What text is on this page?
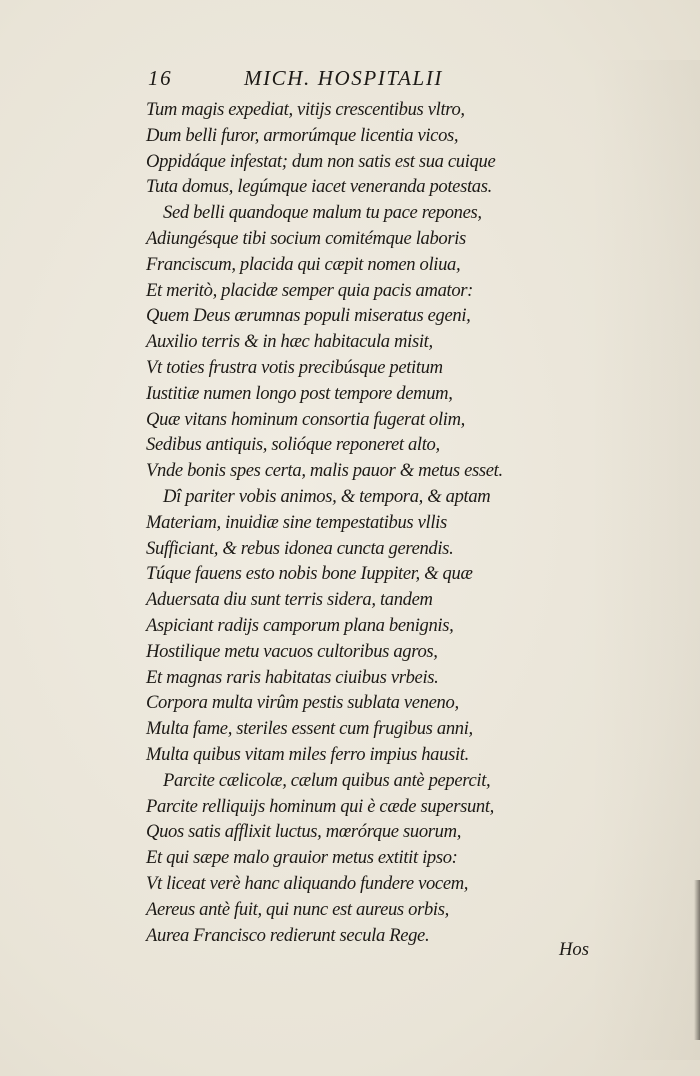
16	MICH. HOSPITALII
Tum magis expediat, vitijs crescentibus vltro,
Dum belli furor, armorúmque licentia vicos,
Oppidáque infestat; dum non satis est sua cuique
Tuta domus, legúmque iacet veneranda potestas.
Sed belli quandoque malum tu pace repones,
Adiungésque tibi socium comitémque laboris
Franciscum, placida qui cæpit nomen oliua,
Et meritò, placidæ semper quia pacis amator:
Quem Deus ærumnas populi miseratus egeni,
Auxilio terris & in hæc habitacula misit,
Vt toties frustra votis precibúsque petitum
Iustitiæ numen longo post tempore demum,
Quæ vitans hominum consortia fugerat olim,
Sedibus antiquis, solióque reponeret alto,
Vnde bonis spes certa, malis pauor & metus esset.
Dî pariter vobis animos, & tempora, & aptam
Materiam, inuidiæ sine tempestatibus vllis
Sufficiant, & rebus idonea cuncta gerendis.
Túque fauens esto nobis bone Iuppiter, & quæ
Aduersata diu sunt terris sidera, tandem
Aspiciant radijs camporum plana benignis,
Hostilique metu vacuos cultoribus agros,
Et magnas raris habitatas ciuibus vrbeis.
Corpora multa virûm pestis sublata veneno,
Multa fame, steriles essent cum frugibus anni,
Multa quibus vitam miles ferro impius hausit.
Parcite cælicolæ, cælum quibus antè pepercit,
Parcite relliquijs hominum qui è cæde supersunt,
Quos satis afflixit luctus, mœrórque suorum,
Et qui sæpe malo grauior metus extitit ipso:
Vt liceat verè hanc aliquando fundere vocem,
Aereus antè fuit, qui nunc est aureus orbis,
Aurea Francisco redierunt secula Rege.
Hos
